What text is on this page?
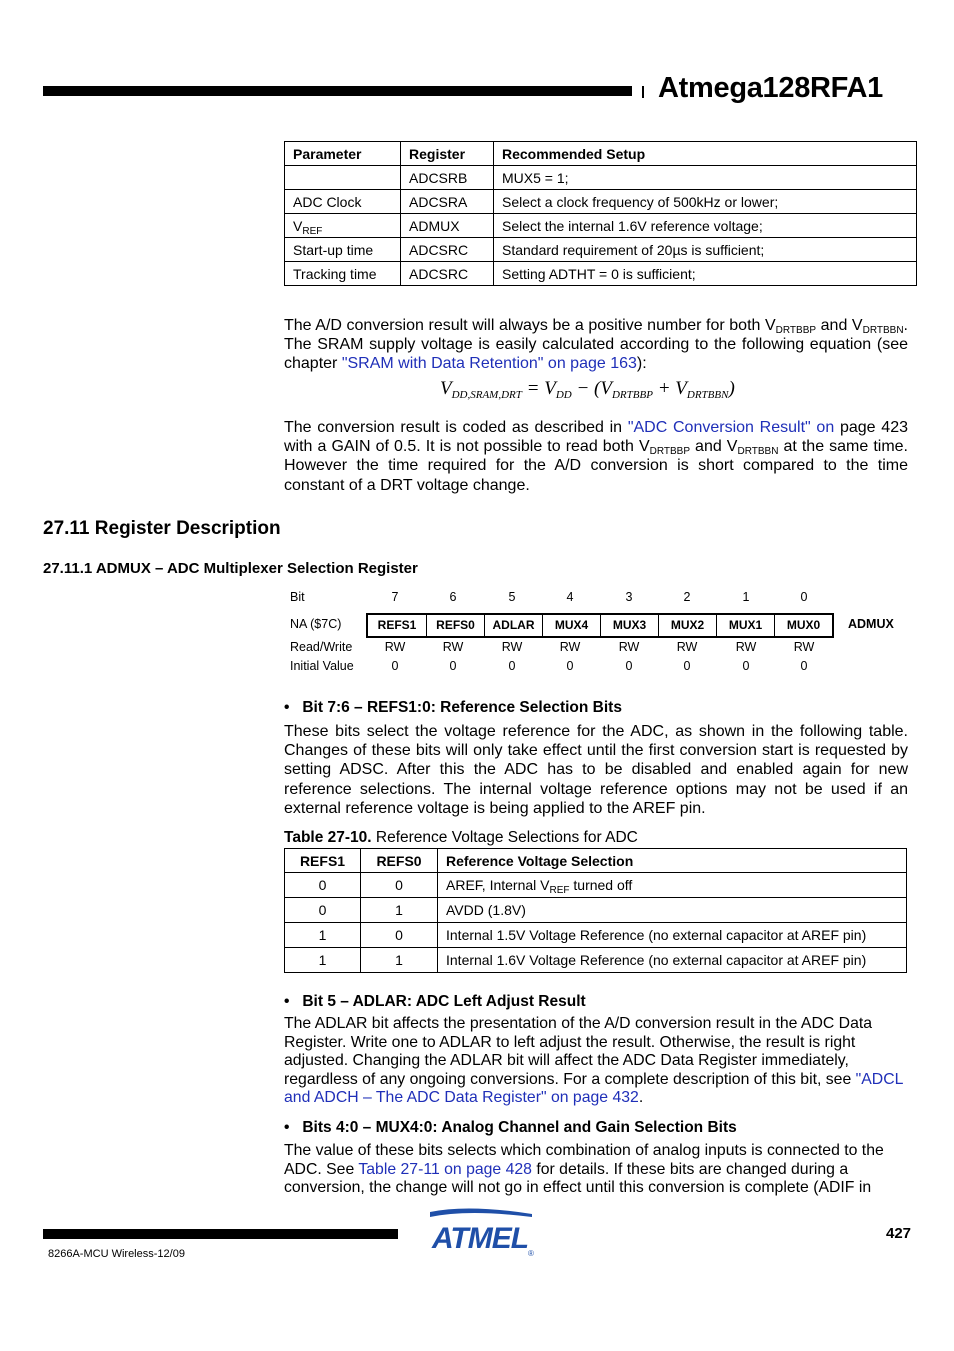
Atmega128RFA1
Parameter	Register	Recommended Setup
	ADCSRB	MUX5 = 1;
ADC Clock	ADCSRA	Select a clock frequency of 500kHz or lower;
$V_{REF}$	ADMUX	Select the internal 1.6V reference voltage;
Start-up time	ADCSRC	Standard requirement of 20µs is sufficient;
Tracking time	ADCSRC	Setting ADTHT = 0 is sufficient;
The A/D conversion result will always be a positive number for both $V_{DRTBBP}$ and $V_{DRTBBN}$. The SRAM supply voltage is easily calculated according to the following equation (see chapter "SRAM with Data Retention" on page 163):
$V_{DD,SRAM,DRT} = V_{DD} - (V_{DRTBBP} + V_{DRTBBN})$
The conversion result is coded as described in "ADC Conversion Result" on page 423 with a GAIN of 0.5. It is not possible to read both $V_{DRTBBP}$ and $V_{DRTBBN}$ at the same time. However the time required for the A/D conversion is short compared to the time constant of a DRT voltage change.
27.11 Register Description
27.11.1 ADMUX – ADC Multiplexer Selection Register
Bit	7	6	5	4	3	2	1	0
NA ($7C)	REFS1	REFS0	ADLAR	MUX4	MUX3	MUX2	MUX1	MUX0	ADMUX
Read/Write	RW	RW	RW	RW	RW	RW	RW	RW
Initial Value	0	0	0	0	0	0	0	0
•   Bit 7:6 – REFS1:0: Reference Selection Bits
These bits select the voltage reference for the ADC, as shown in the following table. Changes of these bits will only take effect until the first conversion start is requested by setting ADSC. After this the ADC has to be disabled and enabled again for new reference selections. The internal voltage reference options may not be used if an external reference voltage is being applied to the AREF pin.
Table 27-10. Reference Voltage Selections for ADC
REFS1	REFS0	Reference Voltage Selection
0	0	AREF, Internal $V_{REF}$ turned off
0	1	AVDD (1.8V)
1	0	Internal 1.5V Voltage Reference (no external capacitor at AREF pin)
1	1	Internal 1.6V Voltage Reference (no external capacitor at AREF pin)
•   Bit 5 – ADLAR: ADC Left Adjust Result
The ADLAR bit affects the presentation of the A/D conversion result in the ADC Data Register. Write one to ADLAR to left adjust the result. Otherwise, the result is right adjusted. Changing the ADLAR bit will affect the ADC Data Register immediately, regardless of any ongoing conversions. For a complete description of this bit, see "ADCL and ADCH – The ADC Data Register" on page 432.
•   Bits 4:0 – MUX4:0: Analog Channel and Gain Selection Bits
The value of these bits selects which combination of analog inputs is connected to the ADC. See Table 27-11 on page 428 for details. If these bits are changed during a conversion, the change will not go in effect until this conversion is complete (ADIF in
ATMEL ®
427
8266A-MCU Wireless-12/09
